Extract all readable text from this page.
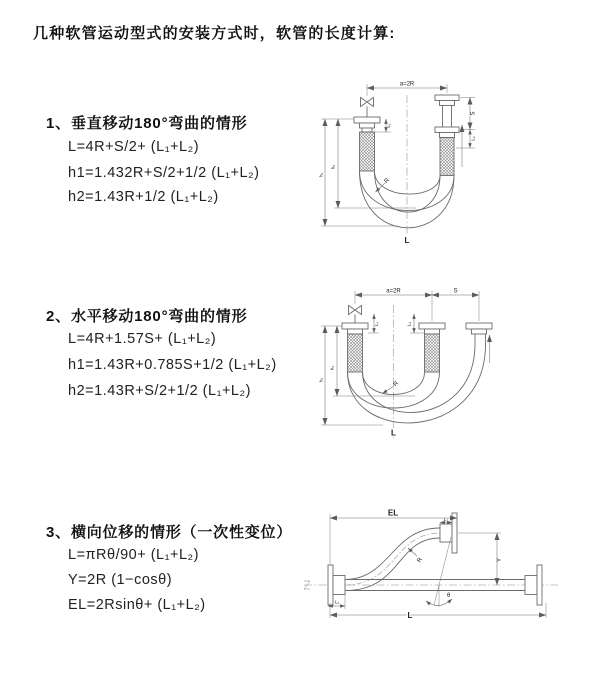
几种软管运动型式的安装方式时，软管的长度计算:
1、垂直移动180°弯曲的情形
L=4R+S/2+ (L₁+L₂)
h1=1.432R+S/2+1/2 (L₁+L₂)
h2=1.43R+1/2 (L₁+L₂)
2、水平移动180°弯曲的情形
L=4R+1.57S+ (L₁+L₂)
h1=1.43R+0.785S+1/2 (L₁+L₂)
h2=1.43R+S/2+1/2 (L₁+L₂)
3、横向位移的情形（一次性变位）
L=πRθ/90+ (L₁+L₂)
Y=2R (1−cosθ)
EL=2Rsinθ+ (L₁+L₂)
a=2R
h₁
h₂
L₁
S
L₂
R
L
a=2R	S
h₁
h₂
L₁	L₂
R
L
EL
L₂
Y
R
θ
L
L₁
